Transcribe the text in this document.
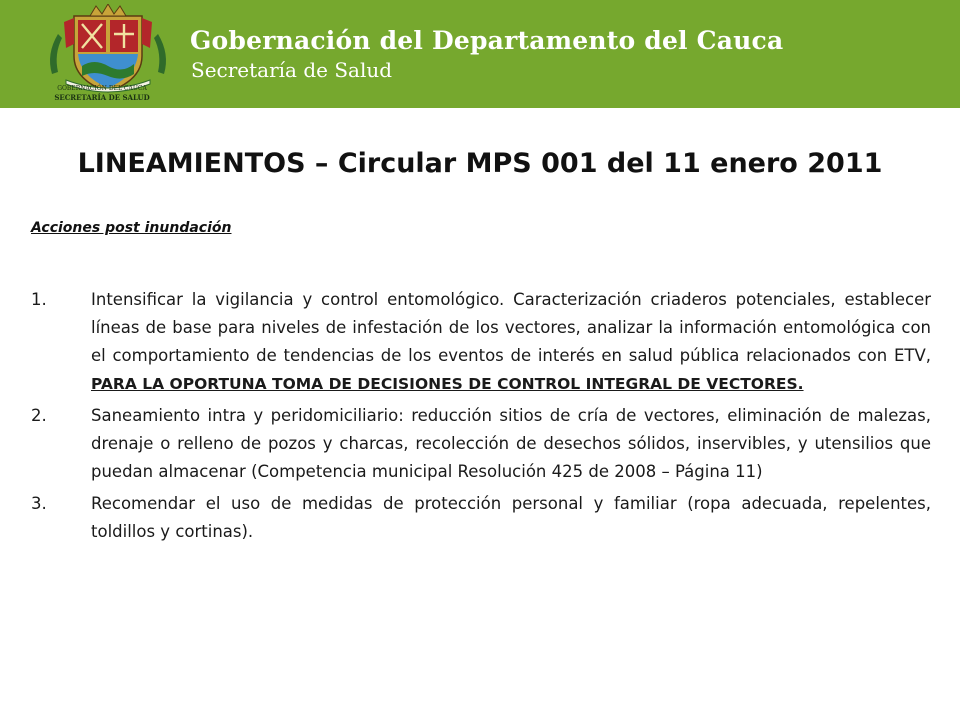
GOBERNACIÓN DEL CAUCA
SECRETARÍA DE SALUD
Gobernación del Departamento del Cauca
Secretaría de Salud
LINEAMIENTOS – Circular MPS 001 del 11 enero 2011
Acciones post inundación
1.	Intensificar la vigilancia y control entomológico. Caracterización criaderos potenciales, establecer líneas de base para niveles de infestación de los vectores, analizar la información entomológica con el comportamiento de tendencias de los eventos de interés en salud pública relacionados con ETV, PARA LA OPORTUNA TOMA DE DECISIONES DE CONTROL INTEGRAL DE VECTORES.
2.	Saneamiento intra y peridomiciliario: reducción sitios de cría de vectores, eliminación de malezas, drenaje o relleno de pozos y charcas, recolección de desechos sólidos, inservibles, y utensilios que puedan almacenar (Competencia municipal Resolución 425 de 2008 – Página 11)
3.	Recomendar el uso de medidas de protección personal y familiar (ropa adecuada, repelentes, toldillos y cortinas).
